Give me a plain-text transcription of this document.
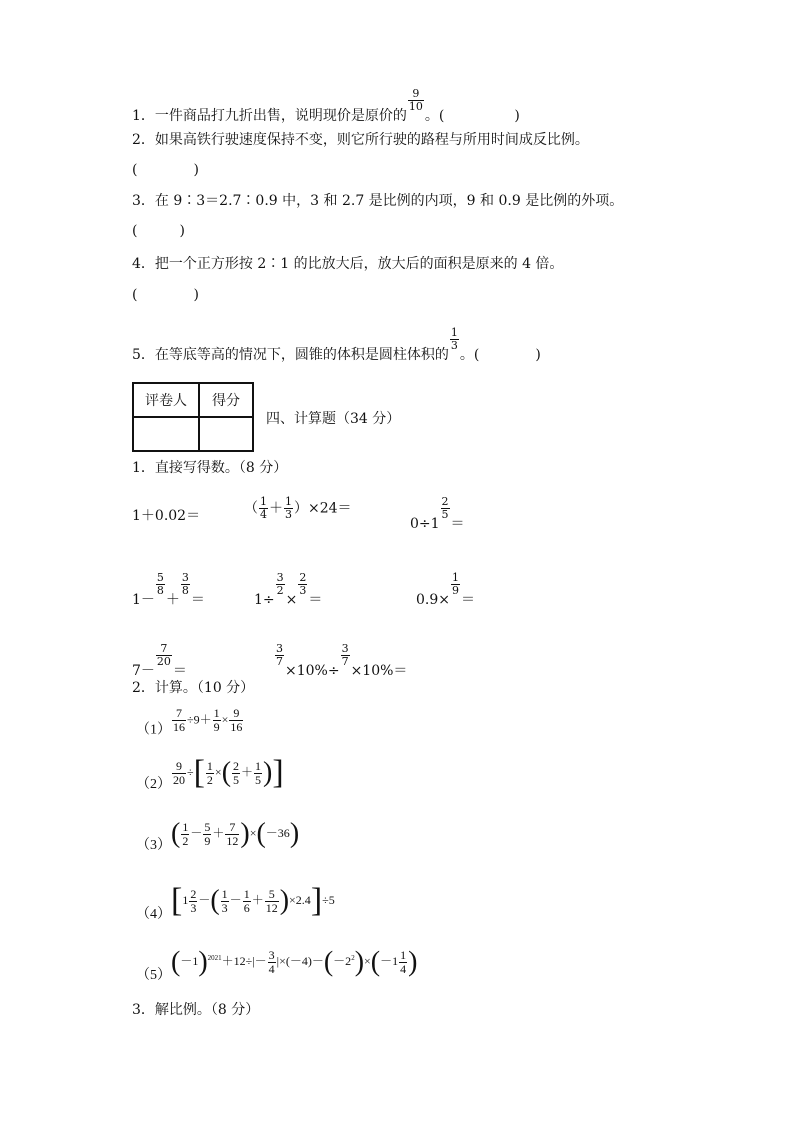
1．一件商品打九折出售，说明现价是原价的
$\frac{9}{10}$
。(　　　　　)
2．如果高铁行驶速度保持不变，则它所行驶的路程与所用时间成反比例。
(　　　　)
3．在 9∶3＝2.7∶0.9 中，3 和 2.7 是比例的内项，9 和 0.9 是比例的外项。
(　　　)
4．把一个正方形按 2∶1 的比放大后，放大后的面积是原来的 4 倍。
(　　　　)
5．在等底等高的情况下，圆锥的体积是圆柱体积的
$\frac{1}{3}$
。(　　　　)
评卷人	得分

四、计算题（34 分）
1．直接写得数。（8 分）
1＋0.02＝	（ $\frac{1}{4} + \frac{1}{3} )\times 24=$
0÷1
$\frac{2}{5}$
＝
1－
$\frac{5}{8}$
＋
$\frac{3}{8}$
＝	1÷
$\frac{3}{2}$
×
$\frac{2}{3}$
＝	0.9×
$\frac{1}{9}$
＝
7－
$\frac{7}{20}$
＝
$\frac{3}{7}$
×10%÷
$\frac{3}{7}$
×10%＝
2．计算。（10 分）
$(1) \frac{7}{16} \div 9+ \frac{1}{9} \times \frac{9}{16}$
$(2) \frac{9}{20}$ ÷[ $\frac{1}{2}$ ×( $\frac{2}{5} + \frac{1}{5}$ )]
$(3)( \frac{1}{2} - \frac{5}{9} + \frac{7}{12} )\times(-36)$
$(4)[1 \frac{2}{3}$ －( $\frac{1}{3} - \frac{1}{6} + \frac{5}{12} )\times 2.4]\div 5$
$(5)(-1)^{2021}+12\div|- \frac{3}{4} |\times(-4)-(-2^2)\times(-1 \frac{1}{4}$ )
3．解比例。（8 分）
